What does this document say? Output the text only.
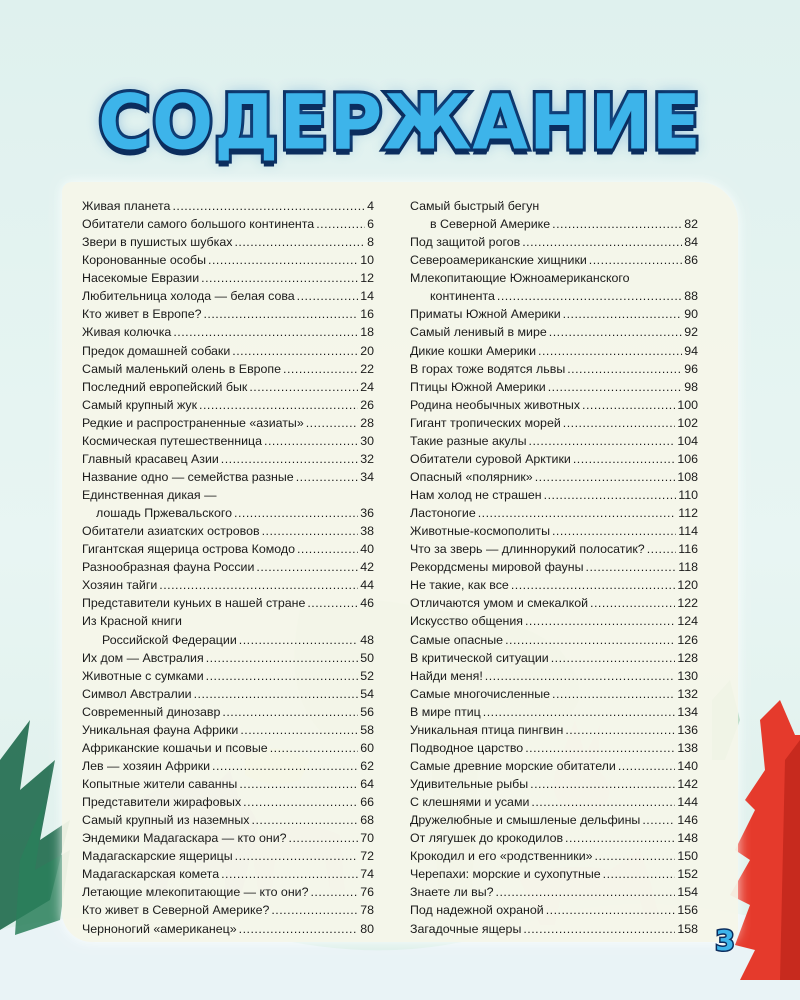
СОДЕРЖАНИЕ
Живая планета .....	4
Обитатели самого большого континента .....	6
Звери в пушистых шубках .....	8
Коронованные особы .....	10
Насекомые Евразии .....	12
Любительница холода — белая сова .....	14
Кто живет в Европе? .....	16
Живая колючка .....	18
Предок домашней собаки .....	20
Самый маленький олень в Европе .....	22
Последний европейский бык .....	24
Самый крупный жук .....	26
Редкие и распространенные «азиаты» .....	28
Космическая путешественница .....	30
Главный красавец Азии .....	32
Название одно — семейства разные .....	34
Единственная дикая —
лошадь Пржевальского .....	36
Обитатели азиатских островов .....	38
Гигантская ящерица острова Комодо .....	40
Разнообразная фауна России .....	42
Хозяин тайги .....	44
Представители куньих в нашей стране .....	46
Из Красной книги
Российской Федерации .....	48
Их дом — Австралия .....	50
Животные с сумками .....	52
Символ Австралии .....	54
Современный динозавр .....	56
Уникальная фауна Африки .....	58
Африканские кошачьи и псовые .....	60
Лев — хозяин Африки .....	62
Копытные жители саванны .....	64
Представители жирафовых .....	66
Самый крупный из наземных .....	68
Эндемики Мадагаскара — кто они? .....	70
Мадагаскарские ящерицы .....	72
Мадагаскарская комета .....	74
Летающие млекопитающие — кто они? .....	76
Кто живет в Северной Америке? .....	78
Черноногий «американец» .....	80
Самый быстрый бегун
в Северной Америке .....	82
Под защитой рогов .....	84
Североамериканские хищники .....	86
Млекопитающие Южноамериканского
континента .....	88
Приматы Южной Америки .....	90
Самый ленивый в мире .....	92
Дикие кошки Америки .....	94
В горах тоже водятся львы .....	96
Птицы Южной Америки .....	98
Родина необычных животных .....	100
Гигант тропических морей .....	102
Такие разные акулы .....	104
Обитатели суровой Арктики .....	106
Опасный «полярник» .....	108
Нам холод не страшен .....	110
Ластоногие .....	112
Животные-космополиты .....	114
Что за зверь — длиннорукий полосатик? .....	116
Рекордсмены мировой фауны .....	118
Не такие, как все .....	120
Отличаются умом и смекалкой .....	122
Искусство общения .....	124
Самые опасные .....	126
В критической ситуации .....	128
Найди меня! .....	130
Самые многочисленные .....	132
В мире птиц .....	134
Уникальная птица пингвин .....	136
Подводное царство .....	138
Самые древние морские обитатели .....	140
Удивительные рыбы .....	142
С клешнями и усами .....	144
Дружелюбные и смышленые дельфины .....	146
От лягушек до крокодилов .....	148
Крокодил и его «родственники» .....	150
Черепахи: морские и сухопутные .....	152
Знаете ли вы? .....	154
Под надежной охраной .....	156
Загадочные ящеры .....	158 3
